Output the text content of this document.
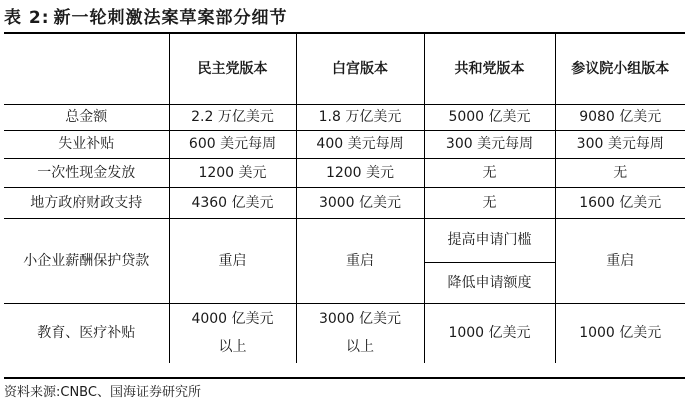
表 2: 新一轮刺激法案草案部分细节
	民主党版本	白宫版本	共和党版本	参议院小组版本
总金额	2.2 万亿美元	1.8 万亿美元	5000 亿美元	9080 亿美元
失业补贴	600 美元每周	400 美元每周	300 美元每周	300 美元每周
一次性现金发放	1200 美元	1200 美元	无	无
地方政府财政支持	4360 亿美元	3000 亿美元	无	1600 亿美元
小企业薪酬保护贷款	重启	重启	提高申请门槛	重启
			降低申请额度	
教育、医疗补贴	4000 亿美元以上	3000 亿美元以上	1000 亿美元	1000 亿美元
资料来源:CNBC、国海证券研究所
